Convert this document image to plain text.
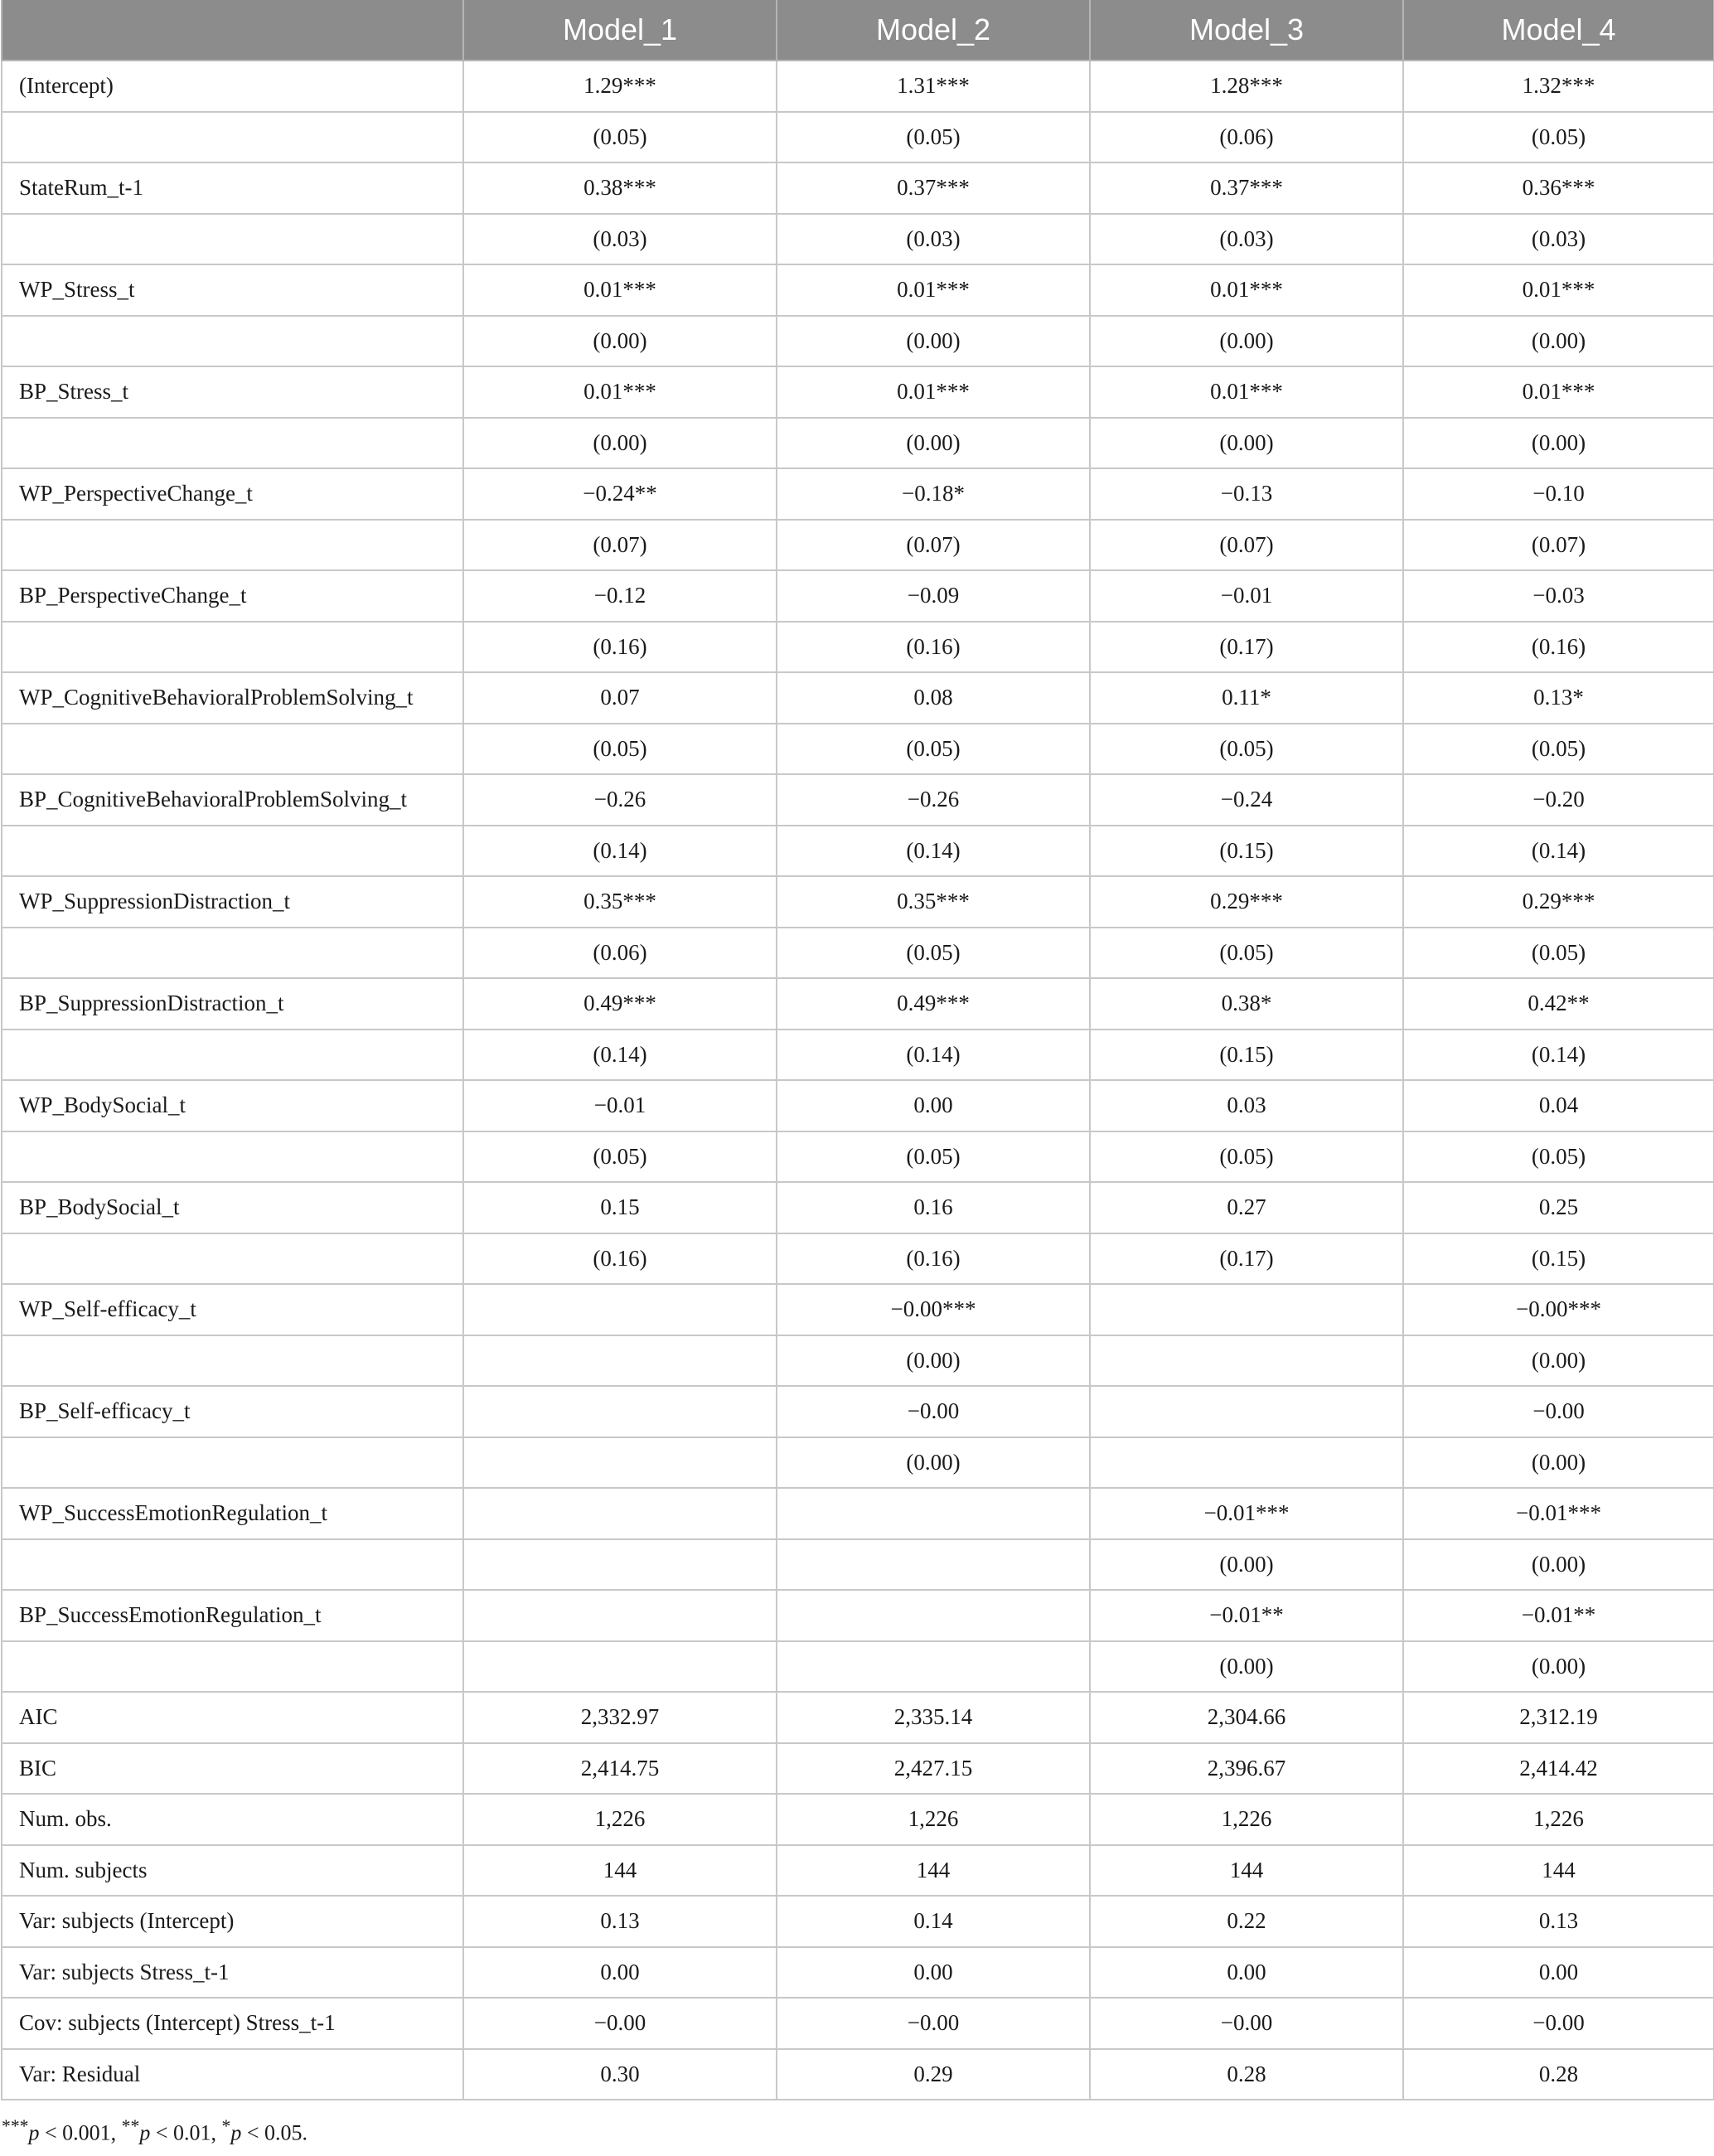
	Model_1	Model_2	Model_3	Model_4
(Intercept)	1.29***	1.31***	1.28***	1.32***
	(0.05)	(0.05)	(0.06)	(0.05)
StateRum_t-1	0.38***	0.37***	0.37***	0.36***
	(0.03)	(0.03)	(0.03)	(0.03)
WP_Stress_t	0.01***	0.01***	0.01***	0.01***
	(0.00)	(0.00)	(0.00)	(0.00)
BP_Stress_t	0.01***	0.01***	0.01***	0.01***
	(0.00)	(0.00)	(0.00)	(0.00)
WP_PerspectiveChange_t	−0.24**	−0.18*	−0.13	−0.10
	(0.07)	(0.07)	(0.07)	(0.07)
BP_PerspectiveChange_t	−0.12	−0.09	−0.01	−0.03
	(0.16)	(0.16)	(0.17)	(0.16)
WP_CognitiveBehavioralProblemSolving_t	0.07	0.08	0.11*	0.13*
	(0.05)	(0.05)	(0.05)	(0.05)
BP_CognitiveBehavioralProblemSolving_t	−0.26	−0.26	−0.24	−0.20
	(0.14)	(0.14)	(0.15)	(0.14)
WP_SuppressionDistraction_t	0.35***	0.35***	0.29***	0.29***
	(0.06)	(0.05)	(0.05)	(0.05)
BP_SuppressionDistraction_t	0.49***	0.49***	0.38*	0.42**
	(0.14)	(0.14)	(0.15)	(0.14)
WP_BodySocial_t	−0.01	0.00	0.03	0.04
	(0.05)	(0.05)	(0.05)	(0.05)
BP_BodySocial_t	0.15	0.16	0.27	0.25
	(0.16)	(0.16)	(0.17)	(0.15)
WP_Self-efficacy_t		−0.00***		−0.00***
		(0.00)		(0.00)
BP_Self-efficacy_t		−0.00		−0.00
		(0.00)		(0.00)
WP_SuccessEmotionRegulation_t			−0.01***	−0.01***
			(0.00)	(0.00)
BP_SuccessEmotionRegulation_t			−0.01**	−0.01**
			(0.00)	(0.00)
AIC	2,332.97	2,335.14	2,304.66	2,312.19
BIC	2,414.75	2,427.15	2,396.67	2,414.42
Num. obs.	1,226	1,226	1,226	1,226
Num. subjects	144	144	144	144
Var: subjects (Intercept)	0.13	0.14	0.22	0.13
Var: subjects Stress_t-1	0.00	0.00	0.00	0.00
Cov: subjects (Intercept) Stress_t-1	−0.00	−0.00	−0.00	−0.00
Var: Residual	0.30	0.29	0.28	0.28
***p < 0.001, **p < 0.01, *p < 0.05.
